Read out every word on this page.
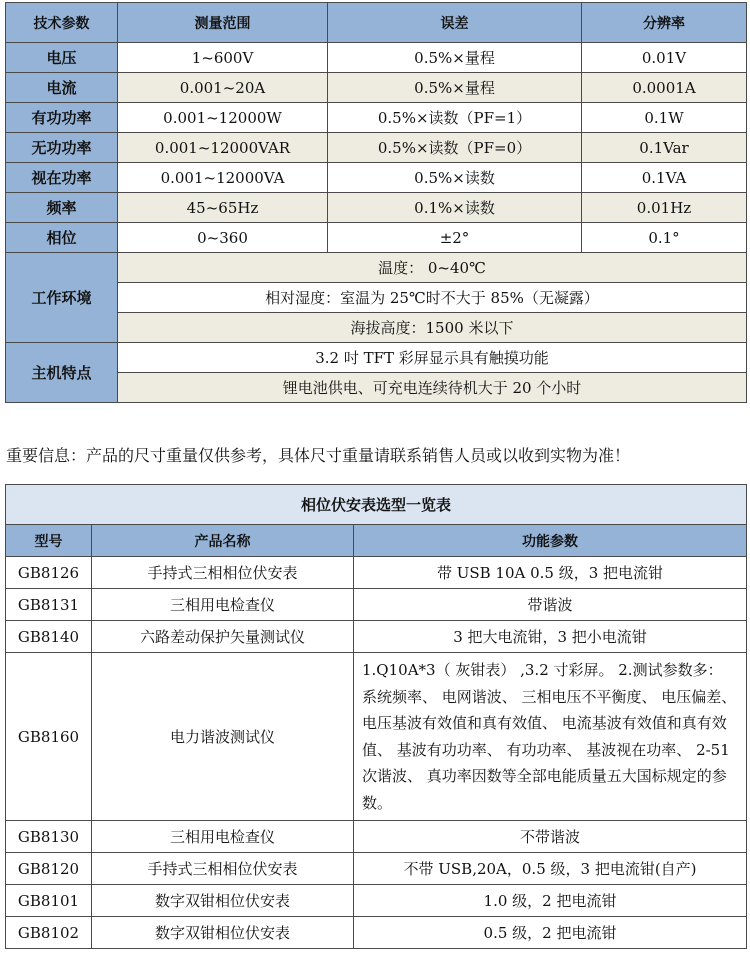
技术参数	测量范围	误差	分辨率
电压	1~600V	0.5%×量程	0.01V
电流	0.001~20A	0.5%×量程	0.0001A
有功功率	0.001~12000W	0.5%×读数（PF=1）	0.1W
无功功率	0.001~12000VAR	0.5%×读数（PF=0）	0.1Var
视在功率	0.001~12000VA	0.5%×读数	0.1VA
频率	45~65Hz	0.1%×读数	0.01Hz
相位	0~360	±2°	0.1°
工作环境	温度： 0~40℃		
	相对湿度：室温为 25℃时不大于 85%（无凝露）		
	海拔高度：1500 米以下		
主机特点	3.2 吋 TFT 彩屏显示具有触摸功能		
	锂电池供电、可充电连续待机大于 20 个小时		
重要信息：产品的尺寸重量仅供参考，具体尺寸重量请联系销售人员或以收到实物为准！
相位伏安表选型一览表		
型号	产品名称	功能参数
GB8126	手持式三相相位伏安表	带 USB 10A 0.5 级，3 把电流钳
GB8131	三相用电检查仪	带谐波
GB8140	六路差动保护矢量测试仪	3 把大电流钳，3 把小电流钳
GB8160	电力谐波测试仪	1.Q10A*3（ 灰钳表） ,3.2 寸彩屏。 2.测试参数多： 系统频率、 电网谐波、 三相电压不平衡度、 电压偏差、 电压基波有效值和真有效值、 电流基波有效值和真有效值、 基波有功功率、 有功功率、 基波视在功率、 2-51 次谐波、 真功率因数等全部电能质量五大国标规定的参数。
GB8130	三相用电检查仪	不带谐波
GB8120	手持式三相相位伏安表	不带 USB,20A，0.5 级，3 把电流钳(自产)
GB8101	数字双钳相位伏安表	1.0 级，2 把电流钳
GB8102	数字双钳相位伏安表	0.5 级，2 把电流钳
